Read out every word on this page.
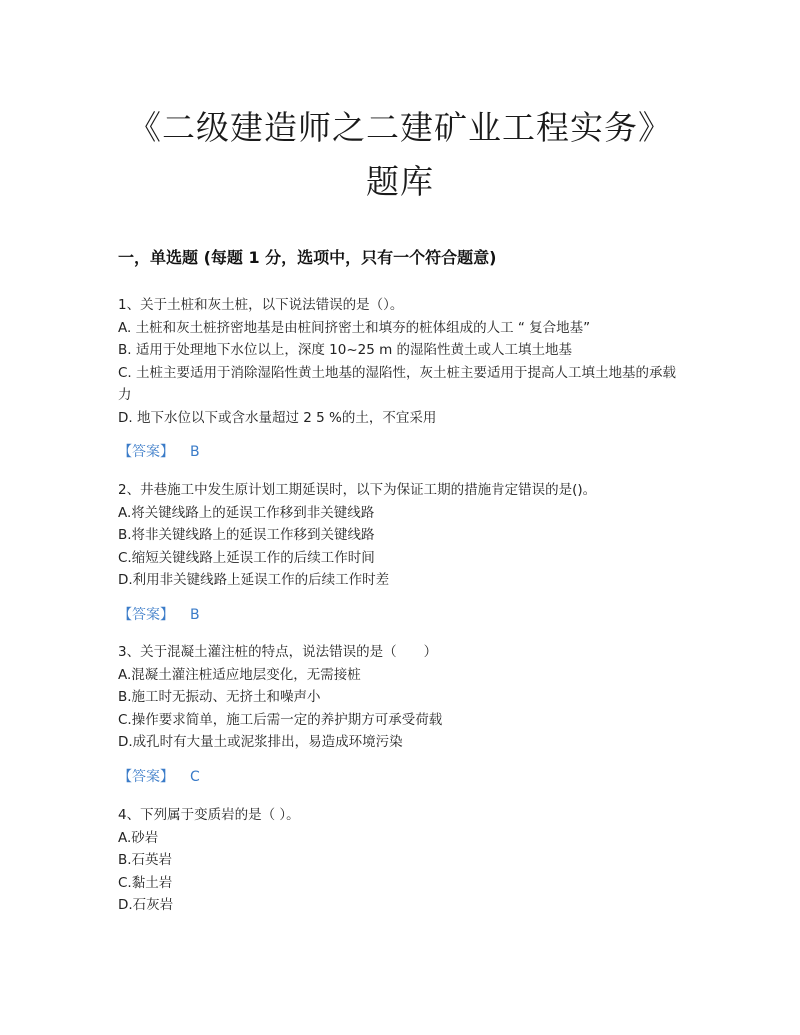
《二级建造师之二建矿业工程实务》
题库
一，单选题 (每题 1 分，选项中，只有一个符合题意)
1、关于土桩和灰土桩，以下说法错误的是（）。
A. 土桩和灰土桩挤密地基是由桩间挤密土和填夯的桩体组成的人工 “ 复合地基”
B. 适用于处理地下水位以上，深度 10~25 m 的湿陷性黄土或人工填土地基
C. 土桩主要适用于消除湿陷性黄土地基的湿陷性，灰土桩主要适用于提高人工填土地基的承载力
D. 地下水位以下或含水量超过 2 5 %的土，不宜采用
【答案】 B
2、井巷施工中发生原计划工期延误时，以下为保证工期的措施肯定错误的是()。
A.将关键线路上的延误工作移到非关键线路
B.将非关键线路上的延误工作移到关键线路
C.缩短关键线路上延误工作的后续工作时间
D.利用非关键线路上延误工作的后续工作时差
【答案】 B
3、关于混凝土灌注桩的特点，说法错误的是（　　）
A.混凝土灌注桩适应地层变化，无需接桩
B.施工时无振动、无挤土和噪声小
C.操作要求简单，施工后需一定的养护期方可承受荷载
D.成孔时有大量土或泥浆排出，易造成环境污染
【答案】 C
4、下列属于变质岩的是（ ）。
A.砂岩
B.石英岩
C.黏土岩
D.石灰岩
